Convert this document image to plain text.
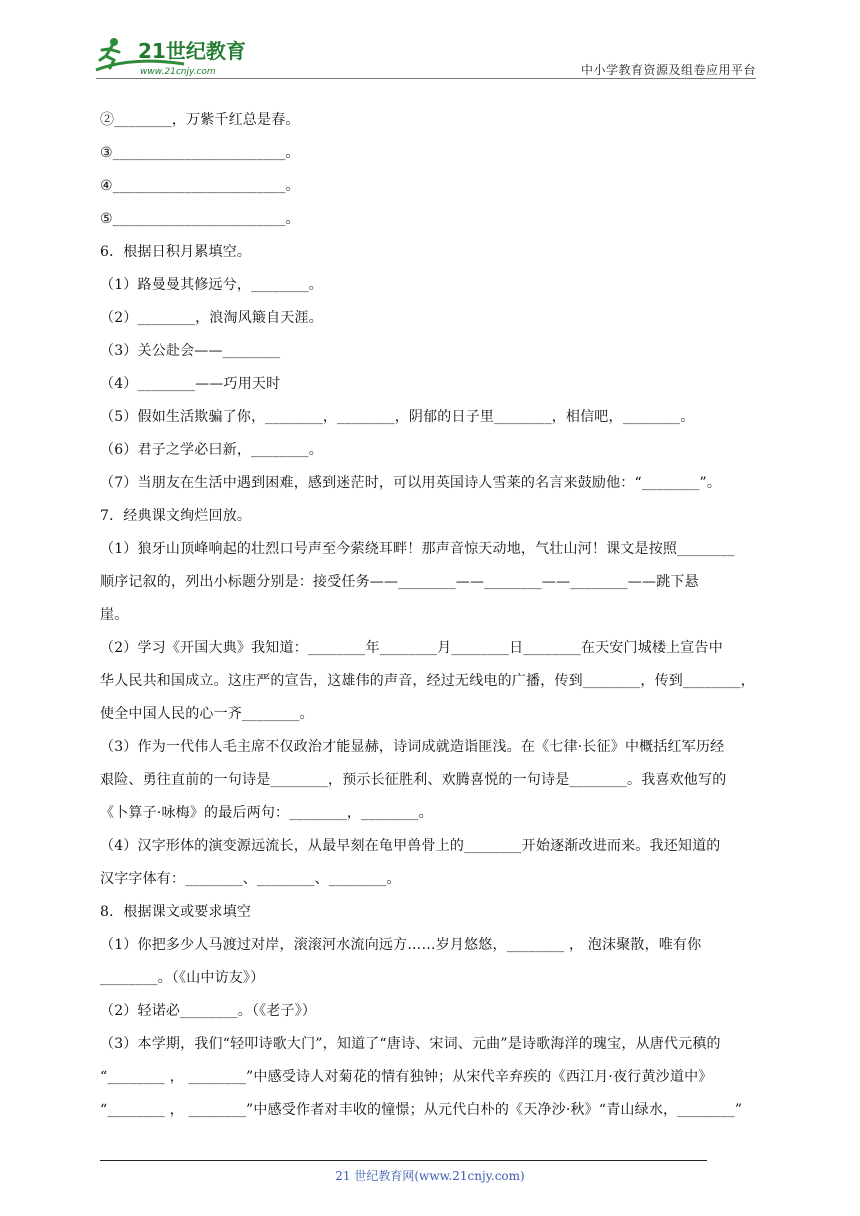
21世纪教育
www.21cnjy.com	中小学教育资源及组卷应用平台
②________，万紫千红总是春。
③________________________。
④________________________。
⑤________________________。
6．根据日积月累填空。
（1）路曼曼其修远兮，________。
（2）________，浪淘风簸自天涯。
（3）关公赴会——________
（4）________——巧用天时
（5）假如生活欺骗了你，________，________，阴郁的日子里________，相信吧，________。
（6）君子之学必曰新，________。
（7）当朋友在生活中遇到困难，感到迷茫时，可以用英国诗人雪莱的名言来鼓励他：“________”。
7．经典课文绚烂回放。
（1）狼牙山顶峰响起的壮烈口号声至今萦绕耳畔！那声音惊天动地，气壮山河！课文是按照________
顺序记叙的，列出小标题分别是：接受任务——________——________——________——跳下悬
崖。
（2）学习《开国大典》我知道：________年________月________日________在天安门城楼上宣告中
华人民共和国成立。这庄严的宣告，这雄伟的声音，经过无线电的广播，传到________，传到________，
使全中国人民的心一齐________。
（3）作为一代伟人毛主席不仅政治才能显赫，诗词成就造诣匪浅。在《七律·长征》中概括红军历经
艰险、勇往直前的一句诗是________，预示长征胜利、欢腾喜悦的一句诗是________。我喜欢他写的
《卜算子·咏梅》的最后两句：________，________。
（4）汉字形体的演变源远流长，从最早刻在龟甲兽骨上的________开始逐渐改进而来。我还知道的
汉字字体有：________、________、________。
8．根据课文或要求填空
（1）你把多少人马渡过对岸，滚滚河水流向远方……岁月悠悠，________ ， 泡沫聚散，唯有你
________。（《山中访友》）
（2）轻诺必________。（《老子》）
（3）本学期，我们“轻叩诗歌大门”，知道了“唐诗、宋词、元曲”是诗歌海洋的瑰宝，从唐代元稹的
“________ ， ________”中感受诗人对菊花的情有独钟；从宋代辛弃疾的《西江月·夜行黄沙道中》
“________ ， ________”中感受作者对丰收的憧憬；从元代白朴的《天净沙·秋》“青山绿水，________”
21 世纪教育网(www.21cnjy.com)
